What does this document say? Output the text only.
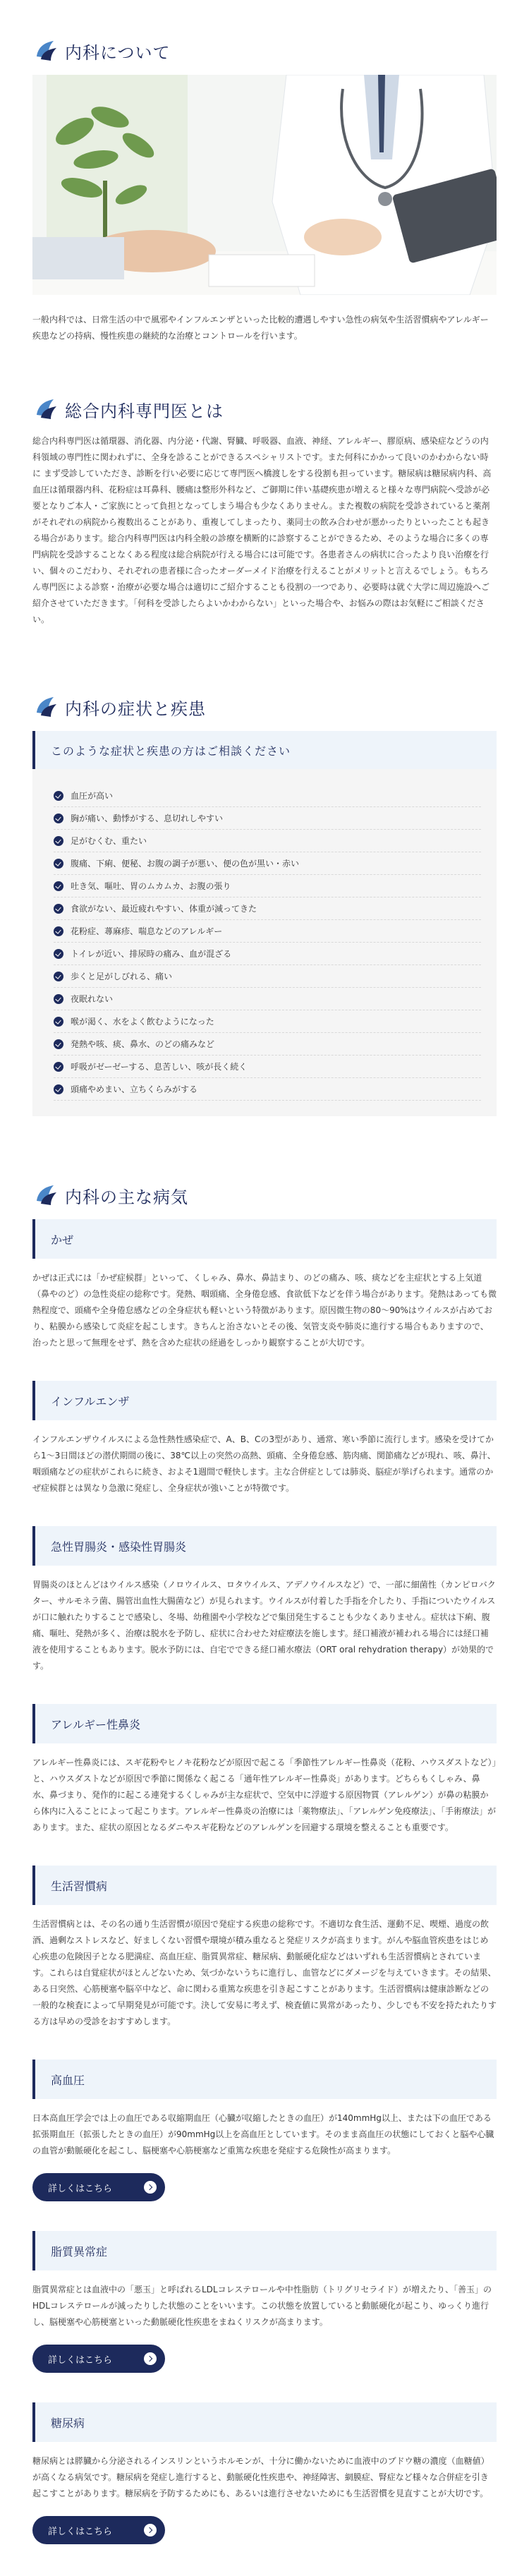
内科について

一般内科では、日常生活の中で風邪やインフルエンザといった比較的遭遇しやすい急性の病気や生活習慣病やアレルギー疾患などの持病、慢性疾患の継続的な治療とコントロールを行います。

総合内科専門医とは

総合内科専門医は循環器、消化器、内分泌・代謝、腎臓、呼吸器、血液、神経、アレルギー、膠原病、感染症などうの内科領域の専門性に関われずに、全身を診ることができるスペシャリストです。また何科にかかって良いのかわからない時に まず受診していただき、診断を行い必要に応じて専門医へ橋渡しをする役割も担っています。糖尿病は糖尿病内科、高血圧は循環器内科、花粉症は耳鼻科、腰痛は整形外科など、ご御期に伴い基礎疾患が増えると様々な専門病院へ受診が必要となりご本人・ご家族にとって負担となってしまう場合も少なくありません。また複数の病院を受診されていると薬剤がそれぞれの病院から複数出ることがあり、重複してしまったり、薬同士の飲み合わせが悪かったりといったことも起きる場合があります。総合内科専門医は内科全般の診療を横断的に診察することができるため、そのような場合に多くの専門病院を受診することなくある程度は総合病院が行える場合には可能です。各患者さんの病状に合ったより良い治療を行い、個々のこだわり、それぞれの患者様に合ったオーダーメイド治療を行えることがメリットと言えるでしょう。もちろん専門医による診察・治療が必要な場合は適切にご紹介することも役割の一つであり、必要時は就ぐ大学に周辺施設へご紹介させていただきます。「何科を受診したらよいかわからない」といった場合や、お悩みの際はお気軽にご相談ください。

内科の症状と疾患
このような症状と疾患の方はご相談ください
血圧が高い
胸が痛い、動悸がする、息切れしやすい
足がむくむ、重たい
腹痛、下痢、便秘、お腹の調子が悪い、便の色が黒い・赤い
吐き気、嘔吐、胃のムカムカ、お腹の張り
食欲がない、最近疲れやすい、体重が減ってきた
花粉症、蕁麻疹、喘息などのアレルギー
トイレが近い、排尿時の痛み、血が混ざる
歩くと足がしびれる、痛い
夜眠れない
喉が渇く、水をよく飲むようになった
発熱や咳、痰、鼻水、のどの痛みなど
呼吸がゼーゼーする、息苦しい、咳が長く続く
頭痛やめまい、立ちくらみがする
内科の主な病気
かぜ

かぜは正式には「かぜ症候群」といって、くしゃみ、鼻水、鼻詰まり、のどの痛み、咳、痰などを主症状とする上気道（鼻やのど）の急性炎症の総称です。発熱、咽頭痛、全身倦怠感、食欲低下などを伴う場合があります。発熱はあっても微熱程度で、頭痛や全身倦怠感などの全身症状も軽いという特徴があります。原因微生物の80〜90%はウイルスが占めており、粘膜から感染して炎症を起こします。きちんと治さないとその後、気管支炎や肺炎に進行する場合もありますので、治ったと思って無理をせず、熱を含めた症状の経過をしっかり観察することが大切です。

インフルエンザ

インフルエンザウイルスによる急性熱性感染症で、A、B、Cの3型があり、通常、寒い季節に流行します。感染を受けてから1〜3日間ほどの潜伏期間の後に、38℃以上の突然の高熱、頭痛、全身倦怠感、筋肉痛、関節痛などが現れ、咳、鼻汁、咽頭痛などの症状がこれらに続き、およそ1週間で軽快します。主な合併症としては肺炎、脳症が挙げられます。通常のかぜ症候群とは異なり急激に発症し、全身症状が強いことが特徴です。

急性胃腸炎・感染性胃腸炎

胃腸炎のほとんどはウイルス感染（ノロウイルス、ロタウイルス、アデノウイルスなど）で、一部に細菌性（カンピロバクター、サルモネラ菌、腸管出血性大腸菌など）が見られます。ウイルスが付着した手指を介したり、手指についたウイルスが口に触れたりすることで感染し、冬場、幼稚園や小学校などで集団発生することも少なくありません。症状は下痢、腹痛、嘔吐、発熱が多く、治療は脱水を予防し、症状に合わせた対症療法を施します。経口補液が補われる場合には経口補液を使用することもあります。脱水予防には、自宅でできる経口補水療法（ORT oral rehydration therapy）が効果的です。

アレルギー性鼻炎

アレルギー性鼻炎には、スギ花粉やヒノキ花粉などが原因で起こる「季節性アレルギー性鼻炎（花粉、ハウスダストなど）」と、ハウスダストなどが原因で季節に関係なく起こる「通年性アレルギー性鼻炎」があります。どちらもくしゃみ、鼻水、鼻づまり、発作的に起こる連発するくしゃみが主な症状で、空気中に浮遊する原因物質（アレルゲン）が鼻の粘膜から体内に入ることによって起こります。アレルギー性鼻炎の治療には「薬物療法」、「アレルゲン免疫療法」、「手術療法」があります。また、症状の原因となるダニやスギ花粉などのアレルゲンを回避する環境を整えることも重要です。

生活習慣病

生活習慣病とは、その名の通り生活習慣が原因で発症する疾患の総称です。不適切な食生活、運動不足、喫煙、過度の飲酒、過剰なストレスなど、好ましくない習慣や環境が積み重なると発症リスクが高まります。がんや脳血管疾患をはじめ心疾患の危険因子となる肥満症、高血圧症、脂質異常症、糖尿病、動脈硬化症などはいずれも生活習慣病とされています。これらは自覚症状がほとんどないため、気づかないうちに進行し、血管などにダメージを与えていきます。その結果、ある日突然、心筋梗塞や脳卒中など、命に関わる重篤な疾患を引き起こすことがあります。生活習慣病は健康診断などの一般的な検査によって早期発見が可能です。決して安易に考えず、検査値に異常があったり、少しでも不安を持たれたりする方は早めの受診をおすすめします。

高血圧

日本高血圧学会では上の血圧である収縮期血圧（心臓が収縮したときの血圧）が140mmHg以上、または下の血圧である拡張期血圧（拡張したときの血圧）が90mmHg以上を高血圧としています。そのまま高血圧の状態にしておくと脳や心臓の血管が動脈硬化を起こし、脳梗塞や心筋梗塞など重篤な疾患を発症する危険性が高まります。

詳しくはこちら
脂質異常症

脂質異常症とは血液中の「悪玉」と呼ばれるLDLコレステロールや中性脂肪（トリグリセライド）が増えたり、「善玉」のHDLコレステロールが減ったりした状態のことをいいます。この状態を放置していると動脈硬化が起こり、ゆっくり進行し、脳梗塞や心筋梗塞といった動脈硬化性疾患をまねくリスクが高まります。

詳しくはこちら
糖尿病

糖尿病とは膵臓から分泌されるインスリンというホルモンが、十分に働かないために血液中のブドウ糖の濃度（血糖値）が高くなる病気です。糖尿病を発症し進行すると、動脈硬化性疾患や、神経障害、網膜症、腎症など様々な合併症を引き起こすことがあります。糖尿病を予防するためにも、あるいは進行させないためにも生活習慣を見直すことが大切です。

詳しくはこちら
